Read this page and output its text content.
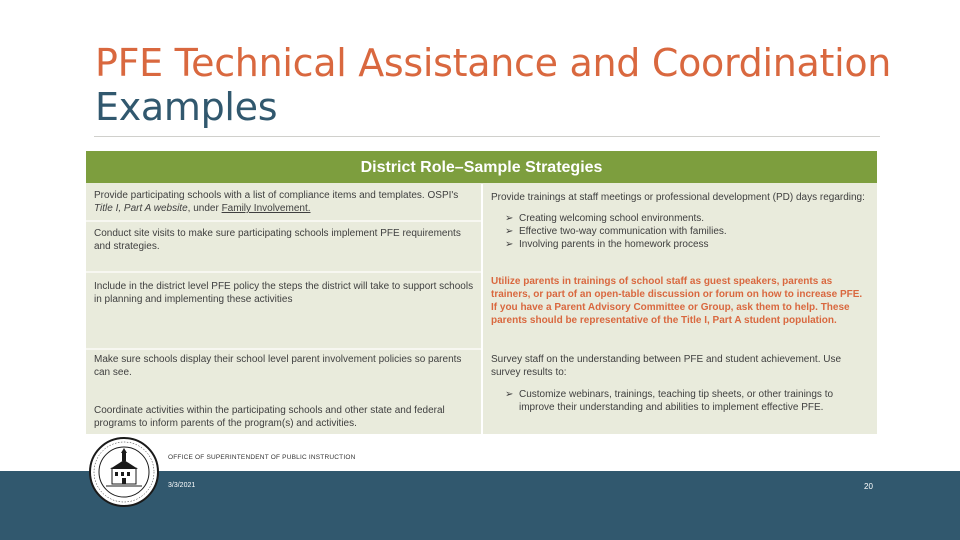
PFE Technical Assistance and Coordination
Examples
District Role–Sample Strategies
Provide participating schools with a list of compliance items and templates. OSPI's Title I, Part A website, under Family Involvement.
Conduct site visits to make sure participating schools implement PFE requirements and strategies.
Include in the district level PFE policy the steps the district will take to support schools in planning and implementing these activities
Make sure schools display their school level parent involvement policies so parents can see.
Coordinate activities within the participating schools and other state and federal programs to inform parents of the program(s) and activities.
Provide trainings at staff meetings or professional development (PD) days regarding:
➢ Creating welcoming school environments.
➢ Effective two-way communication with families.
➢ Involving parents in the homework process
Utilize parents in trainings of school staff as guest speakers, parents as trainers, or part of an open-table discussion or forum on how to increase PFE. If you have a Parent Advisory Committee or Group, ask them to help. These parents should be representative of the Title I, Part A student population.
Survey staff on the understanding between PFE and student achievement. Use survey results to:
➢ Customize webinars, trainings, teaching tip sheets, or other trainings to improve their understanding and abilities to implement effective PFE.
OFFICE OF SUPERINTENDENT OF PUBLIC INSTRUCTION
3/3/2021	20
